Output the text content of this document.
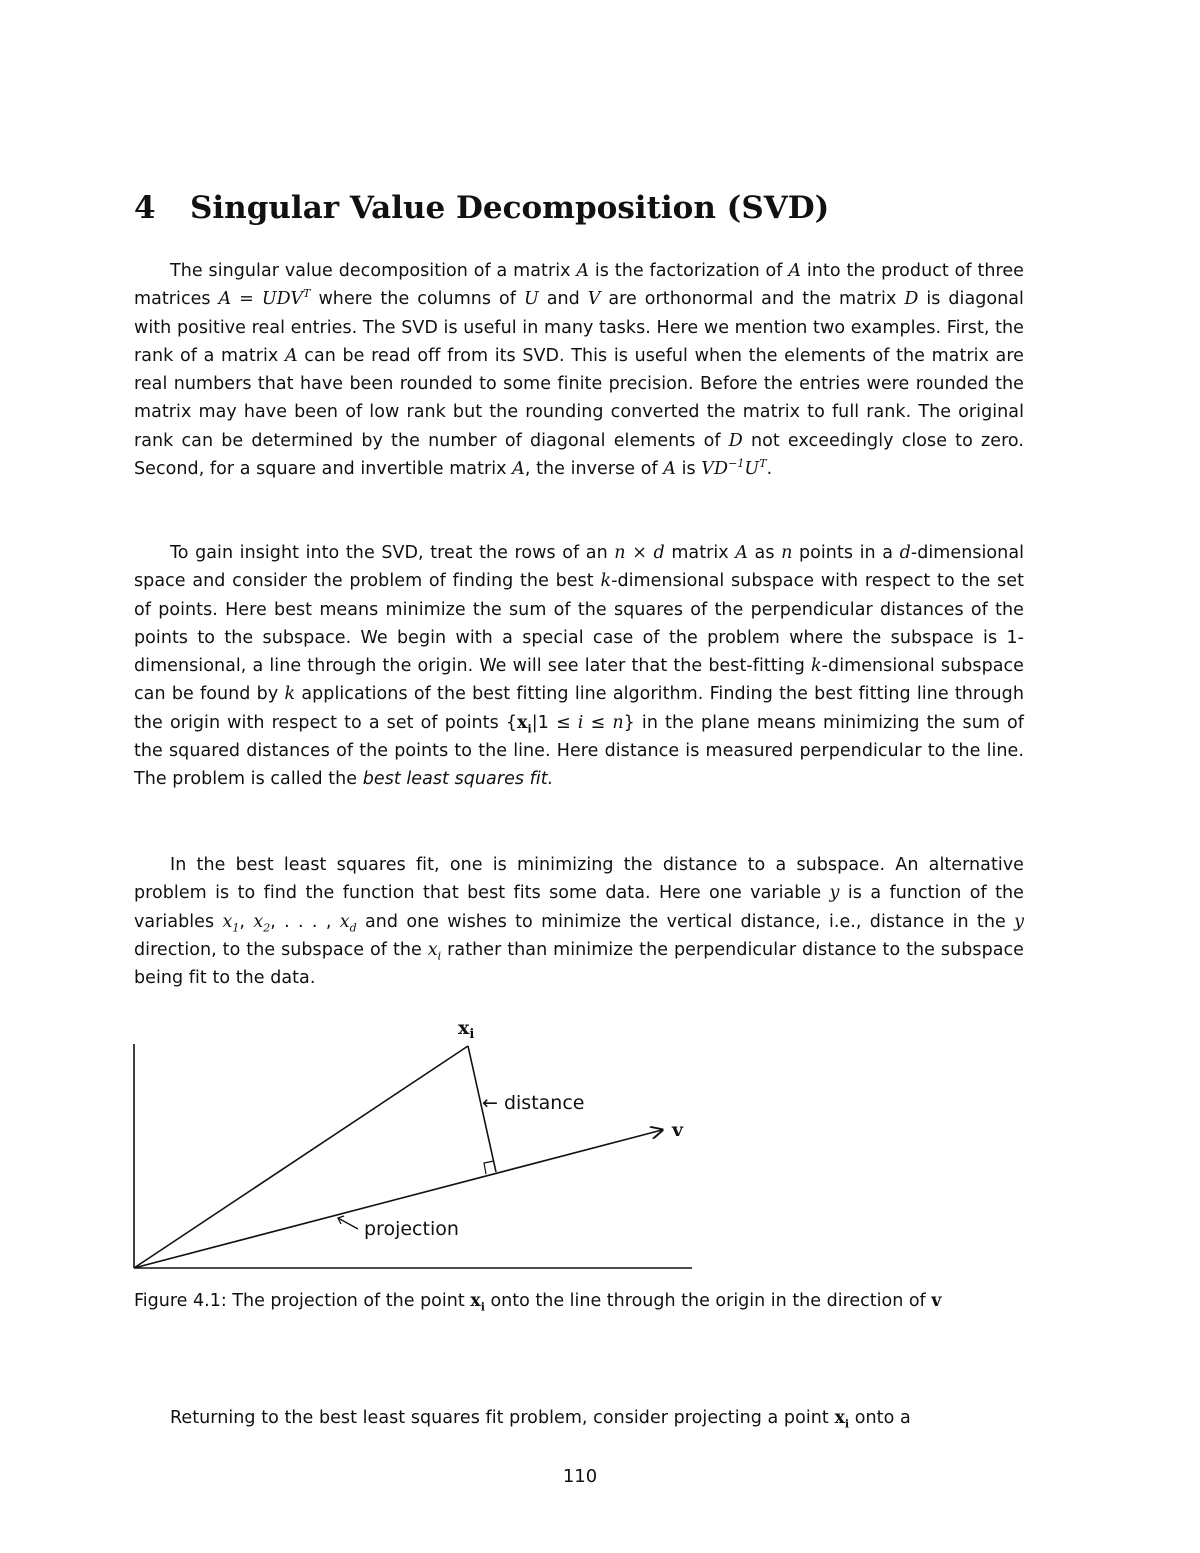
4 Singular Value Decomposition (SVD)

The singular value decomposition of a matrix A is the factorization of A into the product of three matrices $A = UDV^T$ where the columns of U and V are orthonormal and the matrix D is diagonal with positive real entries. The SVD is useful in many tasks. Here we mention two examples. First, the rank of a matrix A can be read off from its SVD. This is useful when the elements of the matrix are real numbers that have been rounded to some finite precision. Before the entries were rounded the matrix may have been of low rank but the rounding converted the matrix to full rank. The original rank can be determined by the number of diagonal elements of D not exceedingly close to zero. Second, for a square and invertible matrix A, the inverse of A is $VD^{-1}U^T$.

To gain insight into the SVD, treat the rows of an n × d matrix A as n points in a d-dimensional space and consider the problem of finding the best k-dimensional subspace with respect to the set of points. Here best means minimize the sum of the squares of the perpendicular distances of the points to the subspace. We begin with a special case of the problem where the subspace is 1-dimensional, a line through the origin. We will see later that the best-fitting k-dimensional subspace can be found by k applications of the best fitting line algorithm. Finding the best fitting line through the origin with respect to a set of points $\{x_i|1 \le i \le n\}$ in the plane means minimizing the sum of the squared distances of the points to the line. Here distance is measured perpendicular to the line. The problem is called the best least squares fit.

In the best least squares fit, one is minimizing the distance to a subspace. An alternative problem is to find the function that best fits some data. Here one variable y is a function of the variables $x_1$, $x_2$, . . . , $x_d$ and one wishes to minimize the vertical distance, i.e., distance in the y direction, to the subspace of the $x_i$ rather than minimize the perpendicular distance to the subspace being fit to the data.

$x_i$
← distance
v
projection

Figure 4.1: The projection of the point $x_i$ onto the line through the origin in the direction of v

Returning to the best least squares fit problem, consider projecting a point $x_i$ onto a

110
